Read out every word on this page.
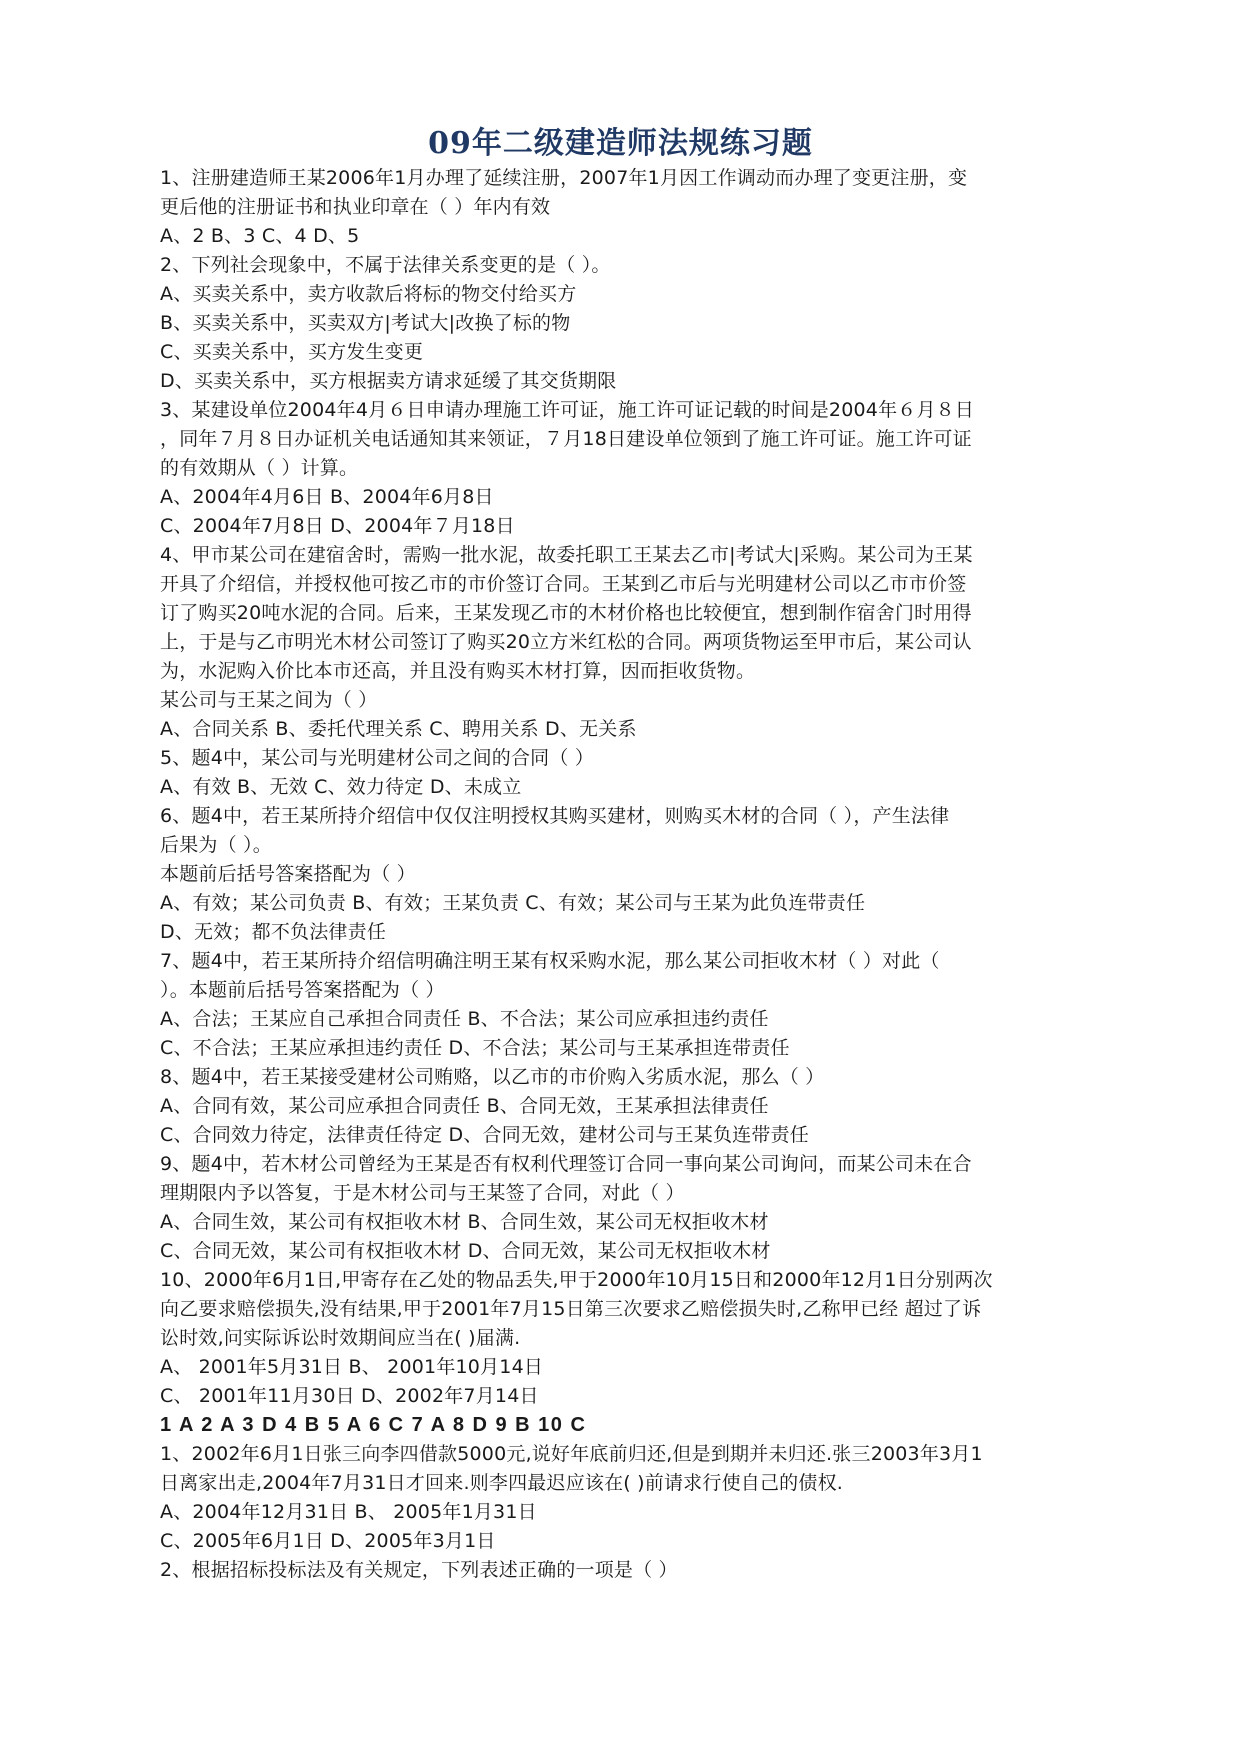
09年二级建造师法规练习题
1、注册建造师王某2006年1月办理了延续注册，2007年1月因工作调动而办理了变更注册，变
更后他的注册证书和执业印章在（ ）年内有效
A、2 B、3 C、4 D、5
2、下列社会现象中，不属于法律关系变更的是（ ）。
A、买卖关系中，卖方收款后将标的物交付给买方
B、买卖关系中，买卖双方|考试大|改换了标的物
C、买卖关系中，买方发生变更
D、买卖关系中，买方根据卖方请求延缓了其交货期限
3、某建设单位2004年4月６日申请办理施工许可证，施工许可证记载的时间是2004年６月８日
，同年７月８日办证机关电话通知其来领证，７月18日建设单位领到了施工许可证。施工许可证
的有效期从（ ）计算。
A、2004年4月6日 B、2004年6月8日
C、2004年7月8日 D、2004年７月18日
4、甲市某公司在建宿舍时，需购一批水泥，故委托职工王某去乙市|考试大|采购。某公司为王某
开具了介绍信，并授权他可按乙市的市价签订合同。王某到乙市后与光明建材公司以乙市市价签
订了购买20吨水泥的合同。后来，王某发现乙市的木材价格也比较便宜，想到制作宿舍门时用得
上，于是与乙市明光木材公司签订了购买20立方米红松的合同。两项货物运至甲市后，某公司认
为，水泥购入价比本市还高，并且没有购买木材打算，因而拒收货物。
某公司与王某之间为（ ）
A、合同关系 B、委托代理关系 C、聘用关系 D、无关系
5、题4中，某公司与光明建材公司之间的合同（ ）
A、有效 B、无效 C、效力待定 D、未成立
6、题4中，若王某所持介绍信中仅仅注明授权其购买建材，则购买木材的合同（ ），产生法律
后果为（ ）。
本题前后括号答案搭配为（ ）
A、有效；某公司负责 B、有效；王某负责 C、有效；某公司与王某为此负连带责任
D、无效；都不负法律责任
7、题4中，若王某所持介绍信明确注明王某有权采购水泥，那么某公司拒收木材（ ）对此（
）。本题前后括号答案搭配为（ ）
A、合法；王某应自己承担合同责任 B、不合法；某公司应承担违约责任
C、不合法；王某应承担违约责任 D、不合法；某公司与王某承担连带责任
8、题4中，若王某接受建材公司贿赂，以乙市的市价购入劣质水泥，那么（ ）
A、合同有效，某公司应承担合同责任 B、合同无效，王某承担法律责任
C、合同效力待定，法律责任待定 D、合同无效，建材公司与王某负连带责任
9、题4中，若木材公司曾经为王某是否有权利代理签订合同一事向某公司询问，而某公司未在合
理期限内予以答复，于是木材公司与王某签了合同，对此（ ）
A、合同生效，某公司有权拒收木材 B、合同生效，某公司无权拒收木材
C、合同无效，某公司有权拒收木材 D、合同无效，某公司无权拒收木材
10、2000年6月1日,甲寄存在乙处的物品丢失,甲于2000年10月15日和2000年12月1日分别两次
向乙要求赔偿损失,没有结果,甲于2001年7月15日第三次要求乙赔偿损失时,乙称甲已经 超过了诉
讼时效,问实际诉讼时效期间应当在( )届满.
A、 2001年5月31日 B、 2001年10月14日
C、 2001年11月30日 D、2002年7月14日
1 A 2 A 3 D 4 B 5 A 6 C 7 A 8 D 9 B 10 C
1、2002年6月1日张三向李四借款5000元,说好年底前归还,但是到期并未归还.张三2003年3月1
日离家出走,2004年7月31日才回来.则李四最迟应该在( )前请求行使自己的债权.
A、2004年12月31日 B、 2005年1月31日
C、2005年6月1日 D、2005年3月1日
2、根据招标投标法及有关规定，下列表述正确的一项是（ ）
